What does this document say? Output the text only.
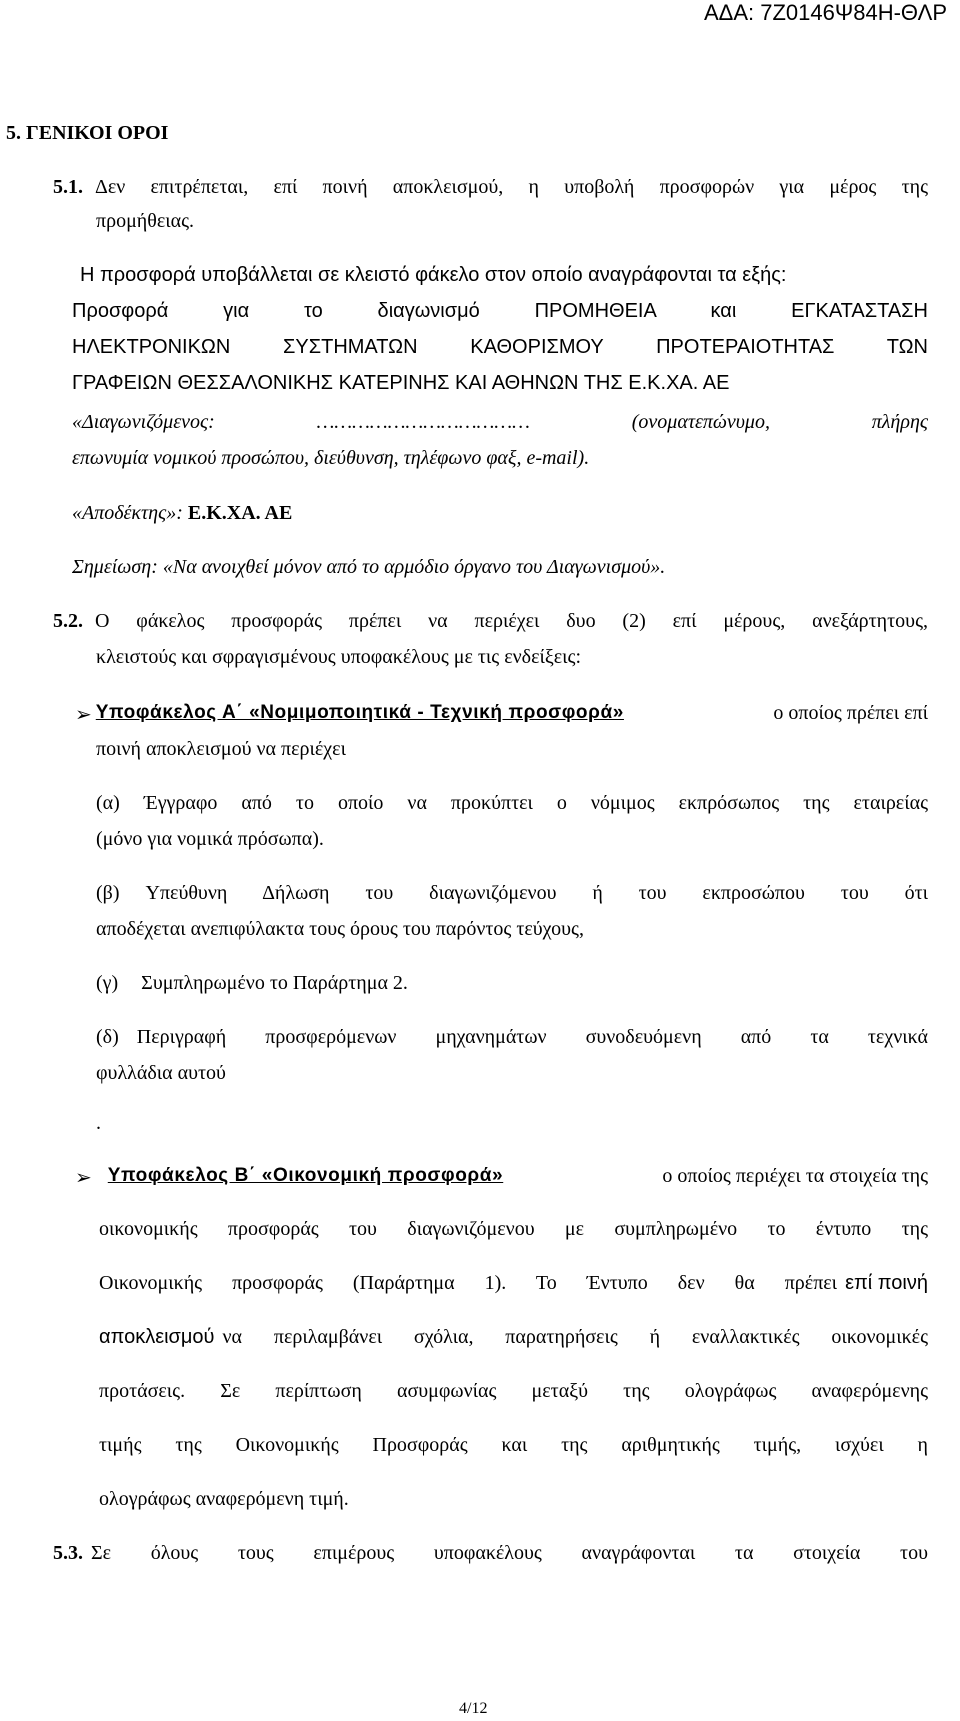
ΑΔΑ: 7Ζ0146Ψ84Η-ΘΛΡ
5. ΓΕΝΙΚΟΙ ΟΡΟΙ
5.1. Δεν επιτρέπεται, επί ποινή αποκλεισμού, η υποβολή προσφορών για μέρος της
προμήθειας.
Η προσφορά υποβάλλεται σε κλειστό φάκελο στον οποίο αναγράφονται τα εξής:
Προσφορά για το διαγωνισμό ΠΡΟΜΗΘΕΙΑ και ΕΓΚΑΤΑΣΤΑΣΗ
ΗΛΕΚΤΡΟΝΙΚΩΝ ΣΥΣΤΗΜΑΤΩΝ ΚΑΘΟΡΙΣΜΟΥ ΠΡΟΤΕΡΑΙΟΤΗΤΑΣ ΤΩΝ
ΓΡΑΦΕΙΩΝ ΘΕΣΣΑΛΟΝΙΚΗΣ ΚΑΤΕΡΙΝΗΣ ΚΑΙ ΑΘΗΝΩΝ ΤΗΣ Ε.Κ.ΧΑ. ΑΕ
«Διαγωνιζόμενος:	………………………………	(ονοματεπώνυμο,	πλήρης
επωνυμία νομικού προσώπου, διεύθυνση, τηλέφωνο φαξ, e-mail).
«Αποδέκτης»: Ε.Κ.ΧΑ. ΑΕ
Σημείωση: «Να ανοιχθεί μόνον από το αρμόδιο όργανο του Διαγωνισμού».
5.2. Ο φάκελος προσφοράς πρέπει να περιέχει δυο (2) επί μέρους, ανεξάρτητους,
κλειστούς και σφραγισμένους υποφακέλους με τις ενδείξεις:
➢ Υποφάκελος Α΄ «Νομιμοποιητικά - Τεχνική προσφορά»	ο οποίος πρέπει επί
ποινή αποκλεισμού να περιέχει
(α) Έγγραφο από το οποίο να προκύπτει ο νόμιμος εκπρόσωπος της εταιρείας
(μόνο για νομικά πρόσωπα).
(β) Υπεύθυνη Δήλωση του διαγωνιζόμενου ή του εκπροσώπου του ότι
αποδέχεται ανεπιφύλακτα τους όρους του παρόντος τεύχους,
(γ) Συμπληρωμένο το Παράρτημα 2.
(δ) Περιγραφή προσφερόμενων μηχανημάτων συνοδευόμενη από τα τεχνικά
φυλλάδια αυτού
.
➢ Υποφάκελος Β΄ «Οικονομική προσφορά»	ο οποίος περιέχει τα στοιχεία της
οικονομικής προσφοράς του διαγωνιζόμενου με συμπληρωμένο το έντυπο της
Οικονομικής προσφοράς (Παράρτημα 1). Το Έντυπο δεν θα πρέπει επί ποινή
αποκλεισμού να περιλαμβάνει σχόλια, παρατηρήσεις ή εναλλακτικές οικονομικές
προτάσεις. Σε περίπτωση ασυμφωνίας μεταξύ της ολογράφως αναφερόμενης
τιμής της Οικονομικής Προσφοράς και της αριθμητικής τιμής, ισχύει η
ολογράφως αναφερόμενη τιμή.
5.3. Σε όλους τους επιμέρους υποφακέλους αναγράφονται τα στοιχεία του
4/12
